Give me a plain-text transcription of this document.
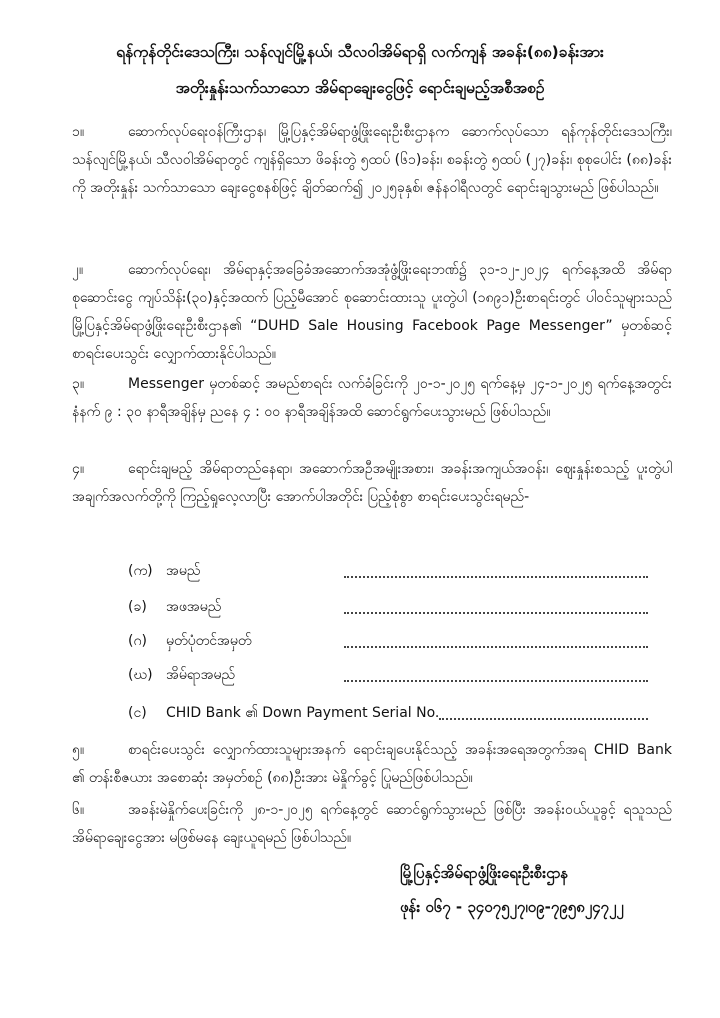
ရန်ကုန်တိုင်းဒေသကြီး၊ သန်လျင်မြို့နယ်၊ သီလဝါအိမ်ရာရှိ လက်ကျန် အခန်း(၈၈)ခန်းအား
အတိုးနှုန်းသက်သာသော အိမ်ရာချေးငွေဖြင့် ရောင်းချမည့်အစီအစဉ်
၁။	ဆောက်လုပ်ရေးဝန်ကြီးဌာန၊ မြို့ပြနှင့်အိမ်ရာဖွံ့ဖြိုးရေးဦးစီးဌာနက ဆောက်လုပ်သော ရန်ကုန်တိုင်းဒေသကြီး၊ သန်လျင်မြို့နယ်၊ သီလဝါအိမ်ရာတွင် ကျန်ရှိသော ဖိခန်းတွဲ ၅ထပ် (၆၁)ခန်း၊ စခန်းတွဲ ၅ထပ် (၂၇)ခန်း၊ စုစုပေါင်း (၈၈)ခန်းကို အတိုးနှုန်း သက်သာသော ချေးငွေစနစ်ဖြင့် ချိတ်ဆက်၍ ၂၀၂၅ခုနှစ်၊ ဇန်နဝါရီလတွင် ရောင်းချသွားမည် ဖြစ်ပါသည်။
၂။	ဆောက်လုပ်ရေး၊ အိမ်ရာနှင့်အခြေခံအဆောက်အအုံဖွံ့ဖြိုးရေးဘဏ်၌ ၃၁-၁၂-၂၀၂၄ ရက်နေ့အထိ အိမ်ရာစုဆောင်းငွေ ကျပ်သိန်း(၃၀)နှင့်အထက် ပြည့်မီအောင် စုဆောင်းထားသူ ပူးတွဲပါ (၁၈၉၁)ဦးစာရင်းတွင် ပါဝင်သူများသည် မြို့ပြနှင့်အိမ်ရာဖွံ့ဖြိုးရေးဦးစီးဌာန၏ “DUHD Sale Housing Facebook Page Messenger” မှတစ်ဆင့် စာရင်းပေးသွင်း လျှောက်ထားနိုင်ပါသည်။
၃။	Messenger မှတစ်ဆင့် အမည်စာရင်း လက်ခံခြင်းကို ၂၀-၁-၂၀၂၅ ရက်နေ့မှ ၂၄-၁-၂၀၂၅ ရက်နေ့အတွင်း နံနက် ၉ : ၃၀ နာရီအချိန်မှ ညနေ ၄ : ၀၀ နာရီအချိန်အထိ ဆောင်ရွက်ပေးသွားမည် ဖြစ်ပါသည်။
၄။	ရောင်းချမည့် အိမ်ရာတည်နေရာ၊ အဆောက်အဦအမျိုးအစား၊ အခန်းအကျယ်အဝန်း၊ ဈေးနှုန်းစသည့် ပူးတွဲပါ အချက်အလက်တို့ကို ကြည့်ရှုလေ့လာပြီး အောက်ပါအတိုင်း ပြည့်စုံစွာ စာရင်းပေးသွင်းရမည်-
(က) အမည်
(ခ)	အဖအမည်
(ဂ)	မှတ်ပုံတင်အမှတ်
(ဃ) အိမ်ရာအမည်
(င)	CHID Bank ၏ Down Payment Serial No.
၅။	စာရင်းပေးသွင်း လျှောက်ထားသူများအနက် ရောင်းချပေးနိုင်သည့် အခန်းအရေအတွက်အရ CHID Bank ၏ တန်းစီဇယား အစောဆုံး အမှတ်စဉ် (၈၈)ဦးအား မဲနှိုက်ခွင့် ပြုမည်ဖြစ်ပါသည်။
၆။	အခန်းမဲနှိုက်ပေးခြင်းကို ၂၈-၁-၂၀၂၅ ရက်နေ့တွင် ဆောင်ရွက်သွားမည် ဖြစ်ပြီး အခန်းဝယ်ယူခွင့် ရသူသည် အိမ်ရာချေးငွေအား မဖြစ်မနေ ချေးယူရမည် ဖြစ်ပါသည်။
မြို့ပြနှင့်အိမ်ရာဖွံ့ဖြိုးရေးဦးစီးဌာန
ဖုန်း ၀၆၇ - ၃၄၀၇၅၂၇၊၀၉-၇၉၅၈၂၄၇၂၂
